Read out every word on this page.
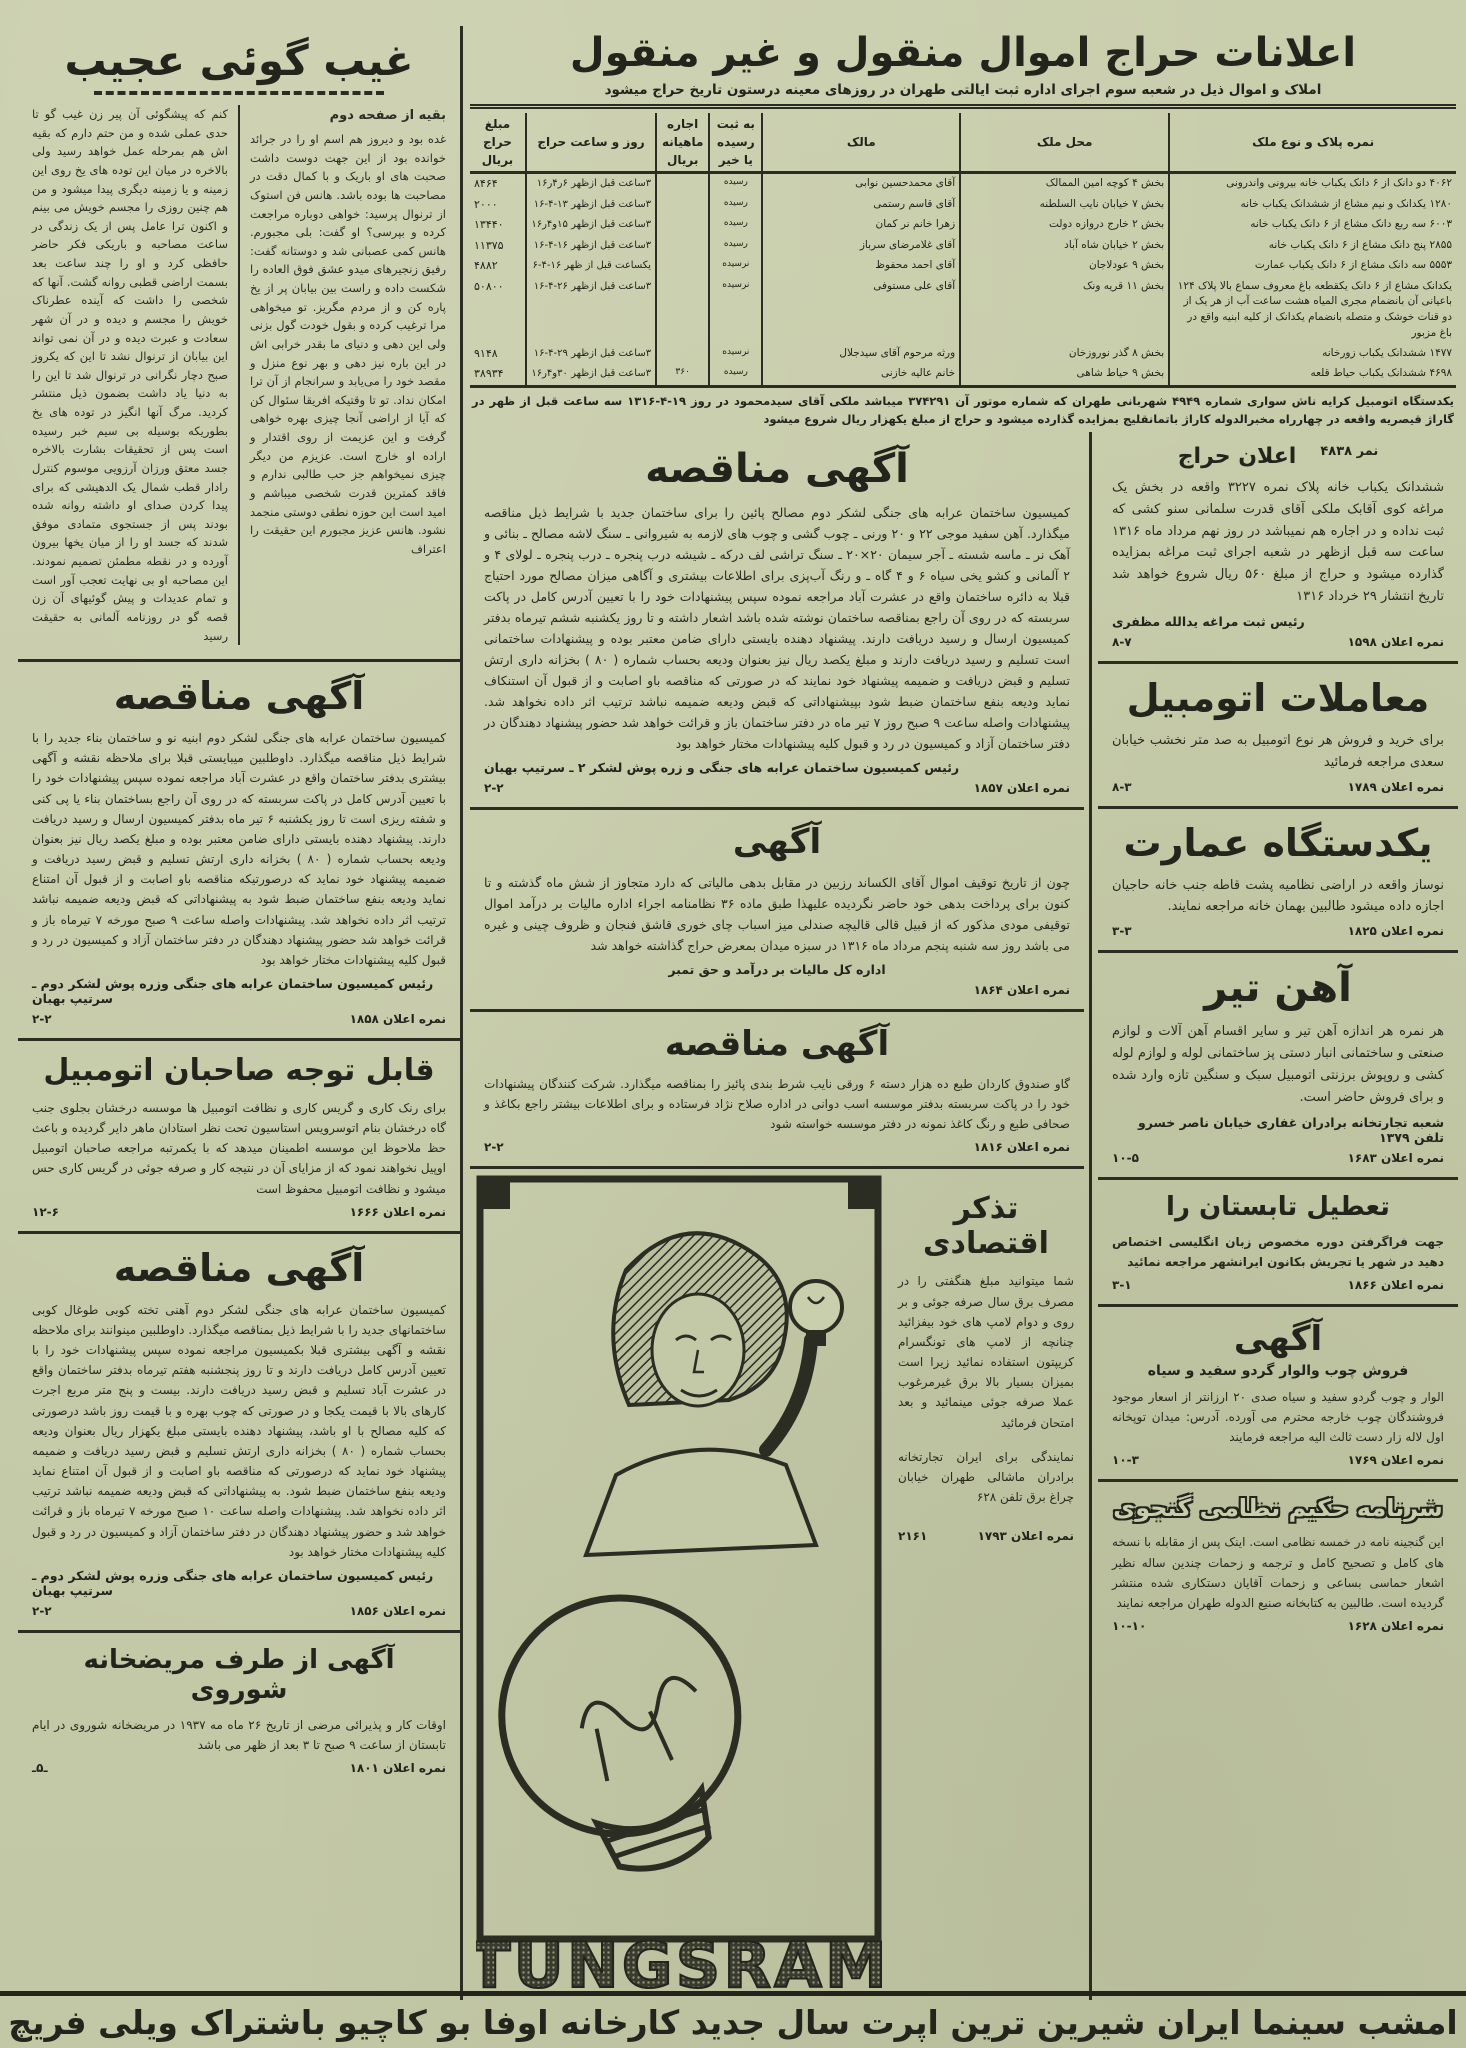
غیب گوئی عجیب
بقیه از صفحه دوم
غده بود و دیروز هم اسم او را در جرائد خوانده بود از این جهت دوست داشت صحبت های او باریک و با کمال دقت در مصاحبت ها بوده باشد. هانس فن استوک از ترنوال پرسید: خواهی دوباره مراجعت کرده و بپرسی؟ او گفت: بلی مجبورم. هانس کمی عصبانی شد و دوستانه گفت: رفیق زنجیرهای میدو عشق فوق العاده را شکست داده و راست بین بیابان پر از یخ پاره کن و از مردم مگریز. تو میخواهی مرا ترغیب کرده و بقول خودت گول بزنی ولی این دهی و دنیای ما بقدر خرابی اش در این باره نیز دهی و بهر نوع منزل و مقصد خود را می‌یابد و سرانجام از آن ترا امکان نداد. تو تا وقتیکه افریقا سئوال کن که آیا از اراضی آنجا چیزی بهره خواهی گرفت و این عزیمت از روی اقتدار و اراده او خارج است. عزیزم من دیگر چیزی نمیخواهم جز حب طالبی ندارم و فاقد کمترین قدرت شخصی میباشم و امید است این حوزه نطقی دوستی منجمد نشود. هانس عزیز مجبورم این حقیقت را اعتراف
کنم که پیشگوئی آن پیر زن غیب گو تا حدی عملی شده و من حتم دارم که بقیه اش هم بمرحله عمل خواهد رسید ولی بالاخره در میان این توده های یخ روی این زمینه و یا زمینه دیگری پیدا میشود و من هم چنین روزی را مجسم خویش می بینم و اکنون ترا عامل پس از یک زندگی در ساعت مصاحبه و باریکی فکر حاضر حافظی کرد و او را چند ساعت بعد بسمت اراضی قطبی روانه گشت. آنها که شخصی را داشت که آینده عطرناک خویش را مجسم و دیده و در آن شهر سعادت و عبرت دیده و در آن نمی تواند این بیابان از ترنوال نشد تا این که یکروز صبح دچار نگرانی در ترنوال شد تا این را به دنیا یاد داشت بضمون ذیل منتشر کردید. مرگ آنها انگیز در توده های یخ بطوریکه بوسیله بی سیم خبر رسیده است پس از تحقیقات بشارت بالاخره جسد معتق ورزان آرزویی موسوم کنترل رادار قطب شمال یک الدهیشی که برای پیدا کردن صدای او داشته روانه شده بودند پس از جستجوی متمادی موفق شدند که جسد او را از میان یخها بیرون آورده و در نقطه مطمئن تصمیم نمودند. این مصاحبه او بی نهایت تعجب آور است و تمام عدیدات و پیش گوئیهای آن زن قصه گو در روزنامه آلمانی به حقیقت رسید
آگهی مناقصه
کمیسیون ساختمان عرابه های جنگی لشکر دوم ابنیه نو و ساختمان بناء جدید را با شرایط ذیل مناقصه میگذارد. داوطلبین میبایستی قبلا برای ملاحظه نقشه و آگهی بیشتری بدفتر ساختمان واقع در عشرت آباد مراجعه نموده سپس پیشنهادات خود را با تعیین آدرس کامل در پاکت سربسته که در روی آن راجع بساختمان بناء یا پی کنی و شفته ریزی است تا روز یکشنبه ۶ تیر ماه بدفتر کمیسیون ارسال و رسید دریافت دارند. پیشنهاد دهنده بایستی دارای ضامن معتبر بوده و مبلغ یکصد ریال نیز بعنوان ودیعه بحساب شماره ( ۸۰ ) بخزانه داری ارتش تسلیم و قبض رسید دریافت و ضمیمه پیشنهاد خود نماید که درصورتیکه مناقصه باو اصابت و از قبول آن امتناع نماید ودیعه بنفع ساختمان ضبط شود به پیشنهاداتی که قبض ودیعه ضمیمه نباشد ترتیب اثر داده نخواهد شد. پیشنهادات واصله ساعت ۹ صبح مورخه ۷ تیرماه باز و قرائت خواهد شد حضور پیشنهاد دهندگان در دفتر ساختمان آزاد و کمیسیون در رد و قبول کلیه پیشنهادات مختار خواهد بود
رئیس کمیسیون ساختمان عرابه های جنگی وزره پوش لشکر دوم ـ سرتیپ بهبان
نمره اعلان ۱۸۵۸
۲-۲
قابل توجه صاحبان اتومبیل
برای رنک کاری و گریس کاری و نظافت اتومبیل ها موسسه درخشان بجلوی جنب گاه درخشان بنام اتوسرویس استاسیون تحت نظر استادان ماهر دایر گردیده و باعث حظ ملاحوظ این موسسه اطمینان میدهد که با یکمرتبه مراجعه صاحبان اتومبیل اوپیل نخواهند نمود که از مزایای آن در نتیجه کار و صرفه جوئی در گریس کاری حس میشود و نظافت اتومبیل محفوظ است
نمره اعلان ۱۶۶۶
۱۲-۶
آگهی مناقصه
کمیسیون ساختمان عرابه های جنگی لشکر دوم آهنی تخته کوبی طوغال کوبی ساختمانهای جدید را با شرایط ذیل بمناقصه میگذارد. داوطلبین مینوانند برای ملاحظه نقشه و آگهی بیشتری قبلا بکمیسیون مراجعه نموده سپس پیشنهادات خود را با تعیین آدرس کامل دریافت دارند و تا روز پنجشنبه هفتم تیرماه بدفتر ساختمان واقع در عشرت آباد تسلیم و قبض رسید دریافت دارند. بیست و پنج متر مربع اجرت کارهای بالا با قیمت یکجا و در صورتی که چوب بهره و با قیمت روز باشد درصورتی که کلیه مصالح با او باشد، پیشنهاد دهنده بایستی مبلغ یکهزار ریال بعنوان ودیعه بحساب شماره ( ۸۰ ) بخزانه داری ارتش تسلیم و قبض رسید دریافت و ضمیمه پیشنهاد خود نماید که درصورتی که مناقصه باو اصابت و از قبول آن امتناع نماید ودیعه بنفع ساختمان ضبط شود. به پیشنهاداتی که قبض ودیعه ضمیمه نباشد ترتیب اثر داده نخواهد شد. پیشنهادات واصله ساعت ۱۰ صبح مورخه ۷ تیرماه باز و قرائت خواهد شد و حضور پیشنهاد دهندگان در دفتر ساختمان آزاد و کمیسیون در رد و قبول کلیه پیشنهادات مختار خواهد بود
رئیس کمیسیون ساختمان عرابه های جنگی وزره پوش لشکر دوم ـ سرتیپ بهبان
نمره اعلان ۱۸۵۶
۲-۲
آگهی از طرف مریضخانه شوروی
اوقات کار و پذیرائی مرضی از تاریخ ۲۶ ماه مه ۱۹۳۷ در مریضخانه شوروی در ایام تابستان از ساعت ۹ صبح تا ۳ بعد از ظهر می باشد
نمره اعلان ۱۸۰۱
ـ۵ـ
اعلانات حراج اموال منقول و غیر منقول
املاک و اموال ذیل در شعبه سوم اجرای اداره ثبت ایالتی طهران در روزهای معینه درستون تاریخ حراج میشود
نمره پلاک و نوع ملک
محل ملک
مالک
به ثبت رسیده یا خیر
اجاره ماهیانه بریال
روز و ساعت حراج
مبلغ حراج بریال
۴۰۶۲ دو دانک از ۶ دانک یکباب خانه بیرونی واندرونی
بخش ۴ کوچه امین الممالک
آقای محمدحسین نوابی
رسیده
۳ساعت قبل ازظهر ۶ر۴ر۱۶
۸۴۶۴
۱۲۸۰ یکدانک و نیم مشاع از ششدانک یکباب خانه
بخش ۷ خیابان نایب السلطنه
آقای قاسم رستمی
رسیده
۳ساعت قبل ازظهر ۱۳-۴-۱۶
۲۰۰۰
۶۰۰۳ سه ربع دانک مشاع از ۶ دانک یکباب خانه
بخش ۲ خارج دروازه دولت
زهرا خانم نر کمان
رسیده
۳ساعت قبل ازظهر ۱۵و۴ر۱۶
۱۳۴۴۰
۲۸۵۵ پنج دانک مشاع از ۶ دانک یکباب خانه
بخش ۲ خیابان شاه آباد
آقای غلامرضای سرباز
رسیده
۳ساعت قبل ازظهر ۱۶-۴-۱۶
۱۱۳۷۵
۵۵۵۳ سه دانک مشاع از ۶ دانک یکباب عمارت
بخش ۹ عودلاجان
آقای احمد محفوظ
نرسیده
یکساعت قبل از ظهر ۱۶-۴-۶
۴۸۸۲
یکدانک مشاع از ۶ دانک یکقطعه باغ معروف سماع بالا پلاک ۱۲۴ باعیانی آن بانضمام مجری المیاه هشت ساعت آب از هر یک از دو قنات خوشک و متصله بانضمام یکدانک از کلیه ابنیه واقع در باغ مزبور
بخش ۱۱ قریه ونک
آقای علی مستوفی
نرسیده
۳ساعت قبل ازظهر ۲۶-۴-۱۶
۵۰۸۰۰
۱۴۷۷ ششدانک یکباب زورخانه
بخش ۸ گذر نوروزخان
ورثه مرحوم آقای سیدجلال
نرسیده
۳ساعت قبل ازظهر ۲۹-۴-۱۶
۹۱۴۸
۴۶۹۸ ششدانک یکباب حیاط قلعه
بخش ۹ حیاط شاهی
خانم عالیه خازنی
رسیده
۳۶۰
۳ساعت قبل ازظهر ۳۰و۴ر۱۶
۳۸۹۳۴
یکدستگاه اتومبیل کرایه ناش سواری شماره ۴۹۴۹ شهربانی طهران که شماره موتور آن ۳۷۴۲۹۱ میباشد ملکی آقای سیدمحمود در روز ۱۹-۴-۱۳۱۶ سه ساعت قبل از ظهر در گاراژ قیصریه واقعه در چهارراه مخبرالدوله کاراژ باتمانقلیج بمزایده گذارده میشود و حراج از مبلغ یکهزار ریال شروع میشود
آگهی مناقصه
کمیسیون ساختمان عرابه های جنگی لشکر دوم مصالح پائین را برای ساختمان جدید با شرایط ذیل مناقصه میگذارد. آهن سفید موجی ۲۲ و ۲۰ ورنی ـ چوب گشی و چوب های لازمه به شیروانی ـ سنگ لاشه مصالح ـ بنائی و آهک نر ـ ماسه شسته ـ آجر سیمان ۲۰×۲۰ ـ سنگ تراشی لف درکه ـ شیشه درب پنجره ـ درب پنجره ـ لولای ۴ و ۲ آلمانی و کشو یخی سیاه ۶ و ۴ گاه ـ و رنگ آب‌پزی برای اطلاعات بیشتری و آگاهی میزان مصالح مورد احتیاج قبلا به دائره ساختمان واقع در عشرت آباد مراجعه نموده سپس پیشنهادات خود را با تعیین آدرس کامل در پاکت سربسته که در روی آن راجع بمناقصه ساختمان نوشته شده باشد اشعار داشته و تا روز یکشنبه ششم تیرماه بدفتر کمیسیون ارسال و رسید دریافت دارند. پیشنهاد دهنده بایستی دارای ضامن معتبر بوده و پیشنهادات ساختمانی است تسلیم و رسید دریافت دارند و مبلغ یکصد ریال نیز بعنوان ودیعه بحساب شماره ( ۸۰ ) بخزانه داری ارتش تسلیم و قبض دریافت و ضمیمه پیشنهاد خود نمایند که در صورتی که مناقصه باو اصابت و از قبول آن استنکاف نماید ودیعه بنفع ساختمان ضبط شود بپیشنهاداتی که قبض ودیعه ضمیمه نباشد ترتیب اثر داده نخواهد شد. پیشنهادات واصله ساعت ۹ صبح روز ۷ تیر ماه در دفتر ساختمان باز و قرائت خواهد شد حضور پیشنهاد دهندگان در دفتر ساختمان آزاد و کمیسیون در رد و قبول کلیه پیشنهادات مختار خواهد بود
رئیس کمیسیون ساختمان عرابه های جنگی و زره پوش لشکر ۲ ـ سرتیپ بهبان
نمره اعلان ۱۸۵۷
۲-۲
آگهی
چون از تاریخ توقیف اموال آقای الکساند رزبین در مقابل بدهی مالیاتی که دارد متجاوز از شش ماه گذشته و تا کنون برای پرداخت بدهی خود حاضر نگردیده علیهذا طبق ماده ۳۶ نظامنامه اجراء اداره مالیات بر درآمد اموال توقیفی مودی مذکور که از قبیل قالی قالیچه صندلی میز اسباب چای خوری قاشق فنجان و ظروف چینی و غیره می باشد روز سه شنبه پنجم مرداد ماه ۱۳۱۶ در سبزه میدان بمعرض حراج گذاشته خواهد شد
اداره کل مالیات بر درآمد و حق تمبر
نمره اعلان ۱۸۶۴
آگهی مناقصه
گاو صندوق کاردان طبع ده هزار دسته ۶ ورقی نایب شرط بندی پائیز را بمناقصه میگذارد. شرکت کنندگان پیشنهادات خود را در پاکت سربسته بدفتر موسسه اسب دوانی در اداره صلاح نژاد فرستاده و برای اطلاعات بیشتر راجع بکاغذ و صحافی طبع و رنگ کاغذ نمونه در دفتر موسسه خواسته شود
نمره اعلان ۱۸۱۶
۲-۲
تذکر اقتصادی
شما میتوانید مبلغ هنگفتی را در مصرف برق سال صرفه جوئی و بر روی و دوام لامپ های خود بیفزائید چنانچه از لامپ های تونگسرام کریپتون استفاده نمائید زیرا است بمیزان بسیار بالا برق غیرمرغوب عملا صرفه جوئی مینمائید و بعد امتحان فرمائید
نمایندگی برای ایران تجارتخانه برادران ماشالی طهران خیابان چراغ برق تلفن ۶۲۸
نمره اعلان ۱۷۹۳
۲۱۶۱
TUNGSRAM
نمر ۴۸۳۸
اعلان حراج
ششدانک یکباب خانه پلاک نمره ۳۲۲۷ واقعه در بخش یک مراغه کوی آقابک ملکی آقای قدرت سلمانی سنو کشی که ثبت نداده و در اجاره هم نمیباشد در روز نهم مرداد ماه ۱۳۱۶ ساعت سه قبل ازظهر در شعبه اجرای ثبت مراغه بمزایده گذارده میشود و حراج از مبلغ ۵۶۰ ریال شروع خواهد شد تاریخ انتشار ۲۹ خرداد ۱۳۱۶
رئیس ثبت مراغه یدالله مظفری
نمره اعلان ۱۵۹۸
۸-۷
معاملات اتومبیل
برای خرید و فروش هر نوع اتومبیل به صد متر نخشب خیابان سعدی مراجعه فرمائید
نمره اعلان ۱۷۸۹
۸-۳
یکدستگاه عمارت
نوساز واقعه در اراضی نظامیه پشت قاطه جنب خانه حاجیان اجازه داده میشود طالبین بهمان خانه مراجعه نمایند.
نمره اعلان ۱۸۲۵
۳-۳
آهن تیر
هر نمره هر اندازه آهن تیر و سایر اقسام آهن آلات و لوازم صنعتی و ساختمانی انبار دستی پز ساختمانی لوله و لوازم لوله کشی و روپوش برزنتی اتومبیل سبک و سنگین تازه وارد شده و برای فروش حاضر است.
شعبه تجارتخانه برادران غفاری خیابان ناصر خسرو تلفن ۱۳۷۹
نمره اعلان ۱۶۸۳
۱۰-۵
تعطیل تابستان را
جهت فراگرفتن دوره مخصوص زبان انگلیسی اختصاص دهید در شهر یا تجریش بکانون ایرانشهر مراجعه نمائید
نمره اعلان ۱۸۶۶
۳-۱
آگهی
فروش چوب والوار گردو سفید و سیاه
الوار و چوب گردو سفید و سیاه صدی ۲۰ ارزانتر از اسعار موجود فروشندگان چوب خارجه محترم می آورده. آدرس: میدان توپخانه اول لاله زار دست ثالث الیه مراجعه فرمایند
نمره اعلان ۱۷۶۹
۱۰-۳
شرنامه حکیم نظامی گنجوی
این گنجینه نامه در خمسه نظامی است. اینک پس از مقابله با نسخه های کامل و تصحیح کامل و ترجمه و زحمات چندین ساله نظیر اشعار حماسی بساعی و زحمات آقایان دستکاری شده منتشر گردیده است. طالبین به کتابخانه صنیع الدوله طهران مراجعه نمایند
نمره اعلان ۱۶۲۸
۱۰-۱۰
امشب سینما ایران شیرین ترین اپرت سال جدید کارخانه اوفا بو کاچیو باشتراک ویلی فریچ
